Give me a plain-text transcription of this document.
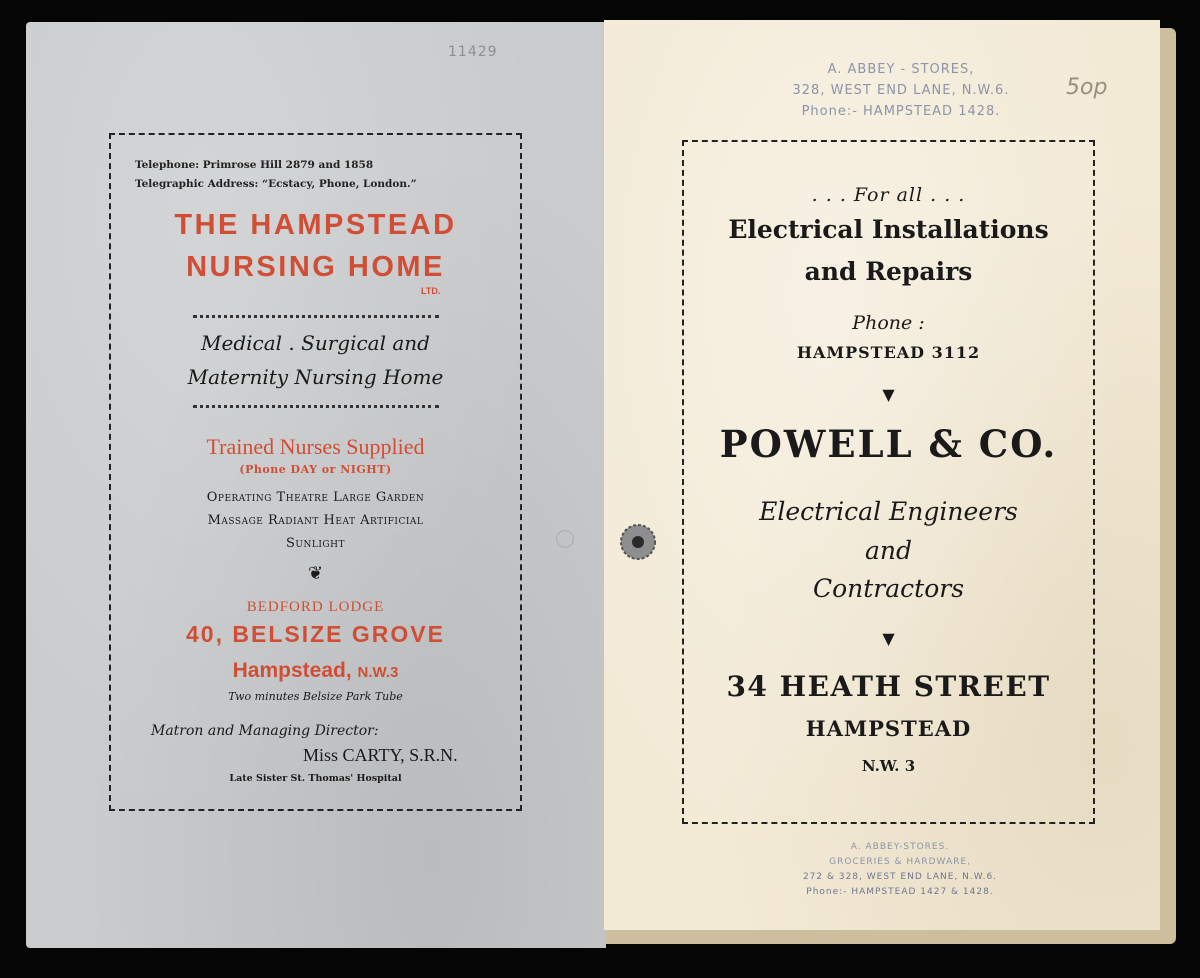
11429
5op
Telephone: Primrose Hill 2879 and 1858
Telegraphic Address: “Ecstacy, Phone, London.”
THE HAMPSTEAD
NURSING HOME
LTD.
Medical . Surgical and
Maternity Nursing Home
Trained Nurses Supplied
(Phone DAY or NIGHT)
Operating Theatre Large Garden
Massage Radiant Heat Artificial
Sunlight
❦
BEDFORD LODGE
40, BELSIZE GROVE
Hampstead, N.W.3
Two minutes Belsize Park Tube
Matron and Managing Director:
Miss CARTY, S.R.N.
Late Sister St. Thomas' Hospital
A. ABBEY - STORES,
328, WEST END LANE, N.W.6.
Phone:- HAMPSTEAD 1428.
. . . For all . . .
Electrical Installations
and Repairs
Phone :
HAMPSTEAD 3112
▼
POWELL & CO.
Electrical Engineers
and
Contractors
▼
34 HEATH STREET
HAMPSTEAD
N.W. 3
A. ABBEY-STORES.
GROCERIES & HARDWARE,
272 & 328, WEST END LANE, N.W.6.
Phone:- HAMPSTEAD 1427 & 1428.
